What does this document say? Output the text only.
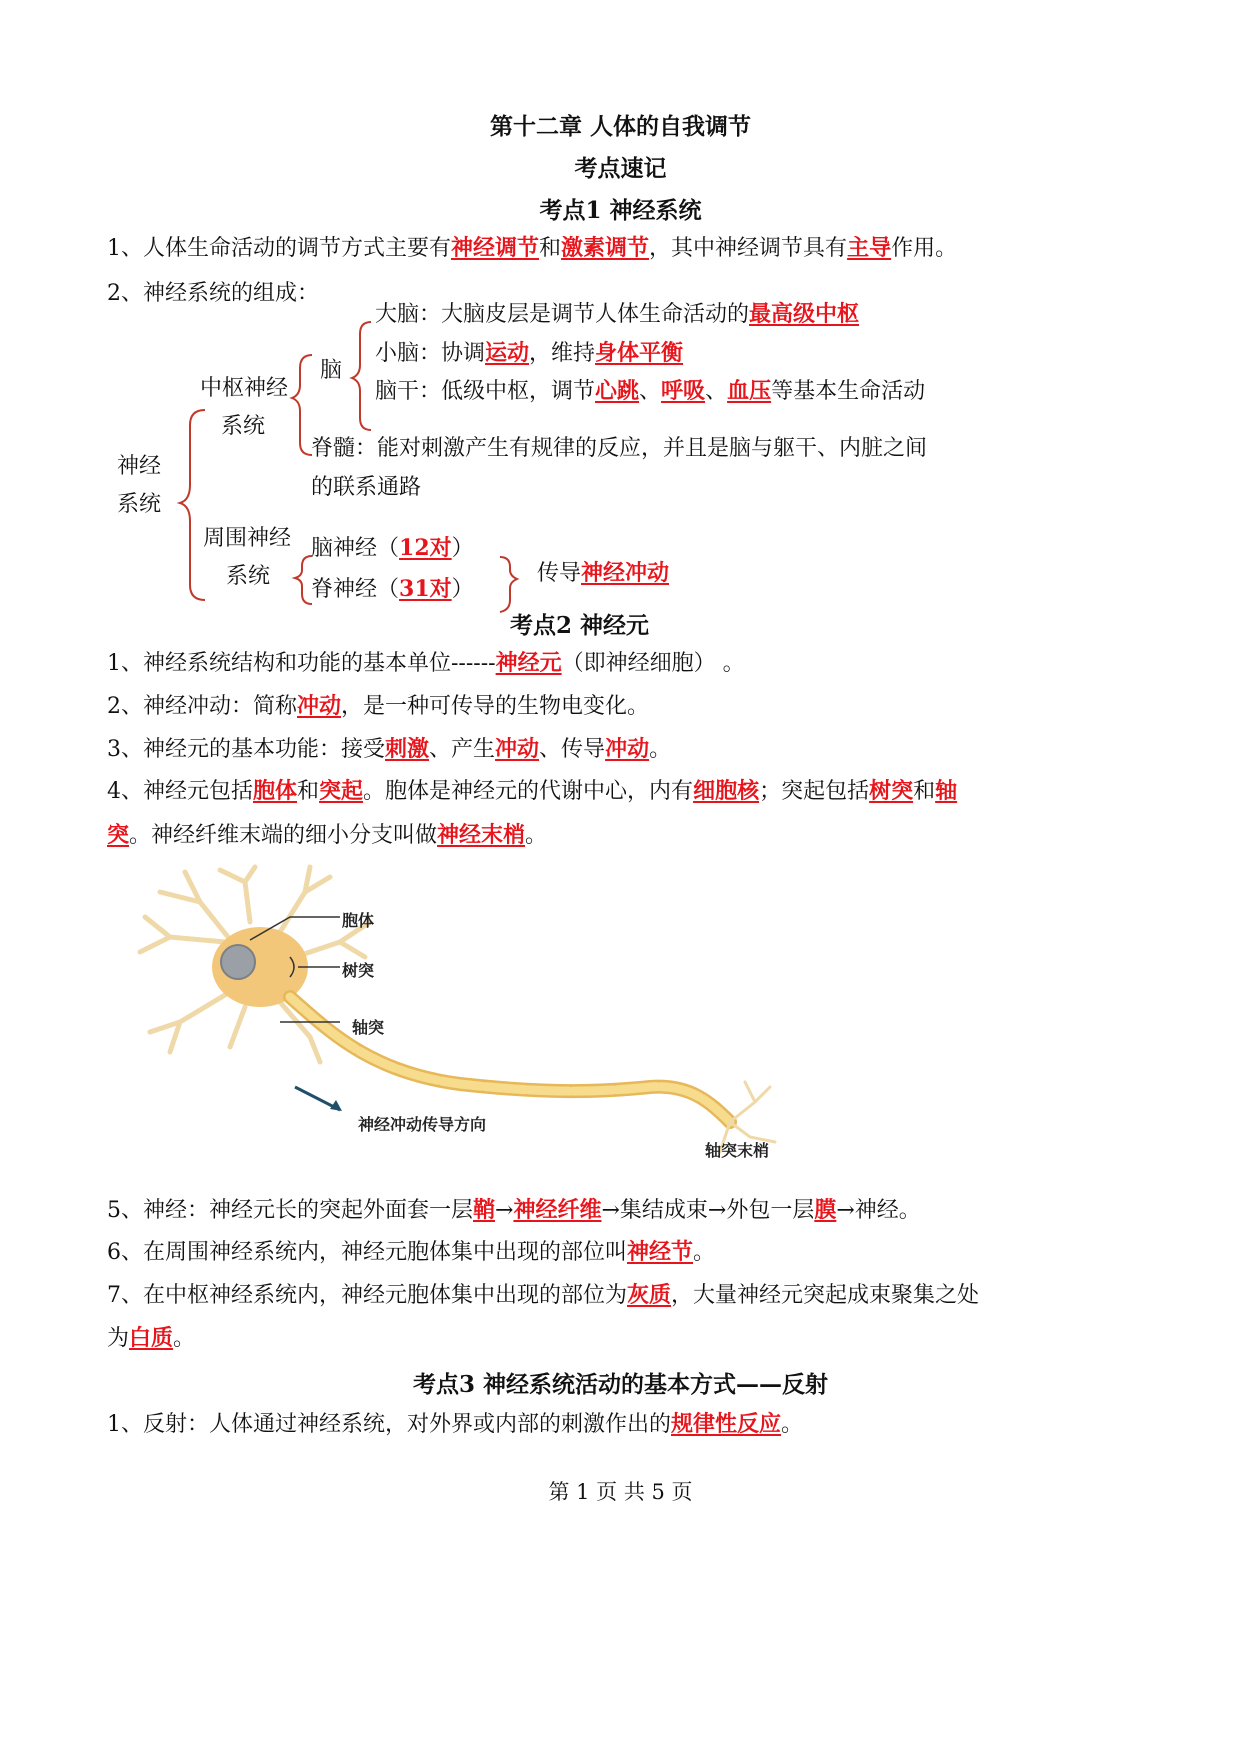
第十二章 人体的自我调节
考点速记
考点1 神经系统
1、人体生命活动的调节方式主要有神经调节和激素调节，其中神经调节具有主导作用。
2、神经系统的组成：
神经
系统
中枢神经
系统
脑
大脑：大脑皮层是调节人体生命活动的最高级中枢
小脑：协调运动，维持身体平衡
脑干：低级中枢，调节心跳、呼吸、血压等基本生命活动
脊髓：能对刺激产生有规律的反应，并且是脑与躯干、内脏之间
的联系通路
周围神经
系统
脑神经（12对）
脊神经（31对）
传导神经冲动
考点2 神经元
1、神经系统结构和功能的基本单位------神经元（即神经细胞） 。
2、神经冲动：简称冲动，是一种可传导的生物电变化。
3、神经元的基本功能：接受刺激、产生冲动、传导冲动。
4、神经元包括胞体和突起。胞体是神经元的代谢中心，内有细胞核；突起包括树突和轴
突。神经纤维末端的细小分支叫做神经末梢。
胞体
树突
轴突
神经冲动传导方向
轴突末梢
5、神经：神经元长的突起外面套一层鞘→神经纤维→集结成束→外包一层膜→神经。
6、在周围神经系统内，神经元胞体集中出现的部位叫神经节。
7、在中枢神经系统内，神经元胞体集中出现的部位为灰质，大量神经元突起成束聚集之处
为白质。
考点3 神经系统活动的基本方式——反射
1、反射：人体通过神经系统，对外界或内部的刺激作出的规律性反应。
第 1 页 共 5 页
